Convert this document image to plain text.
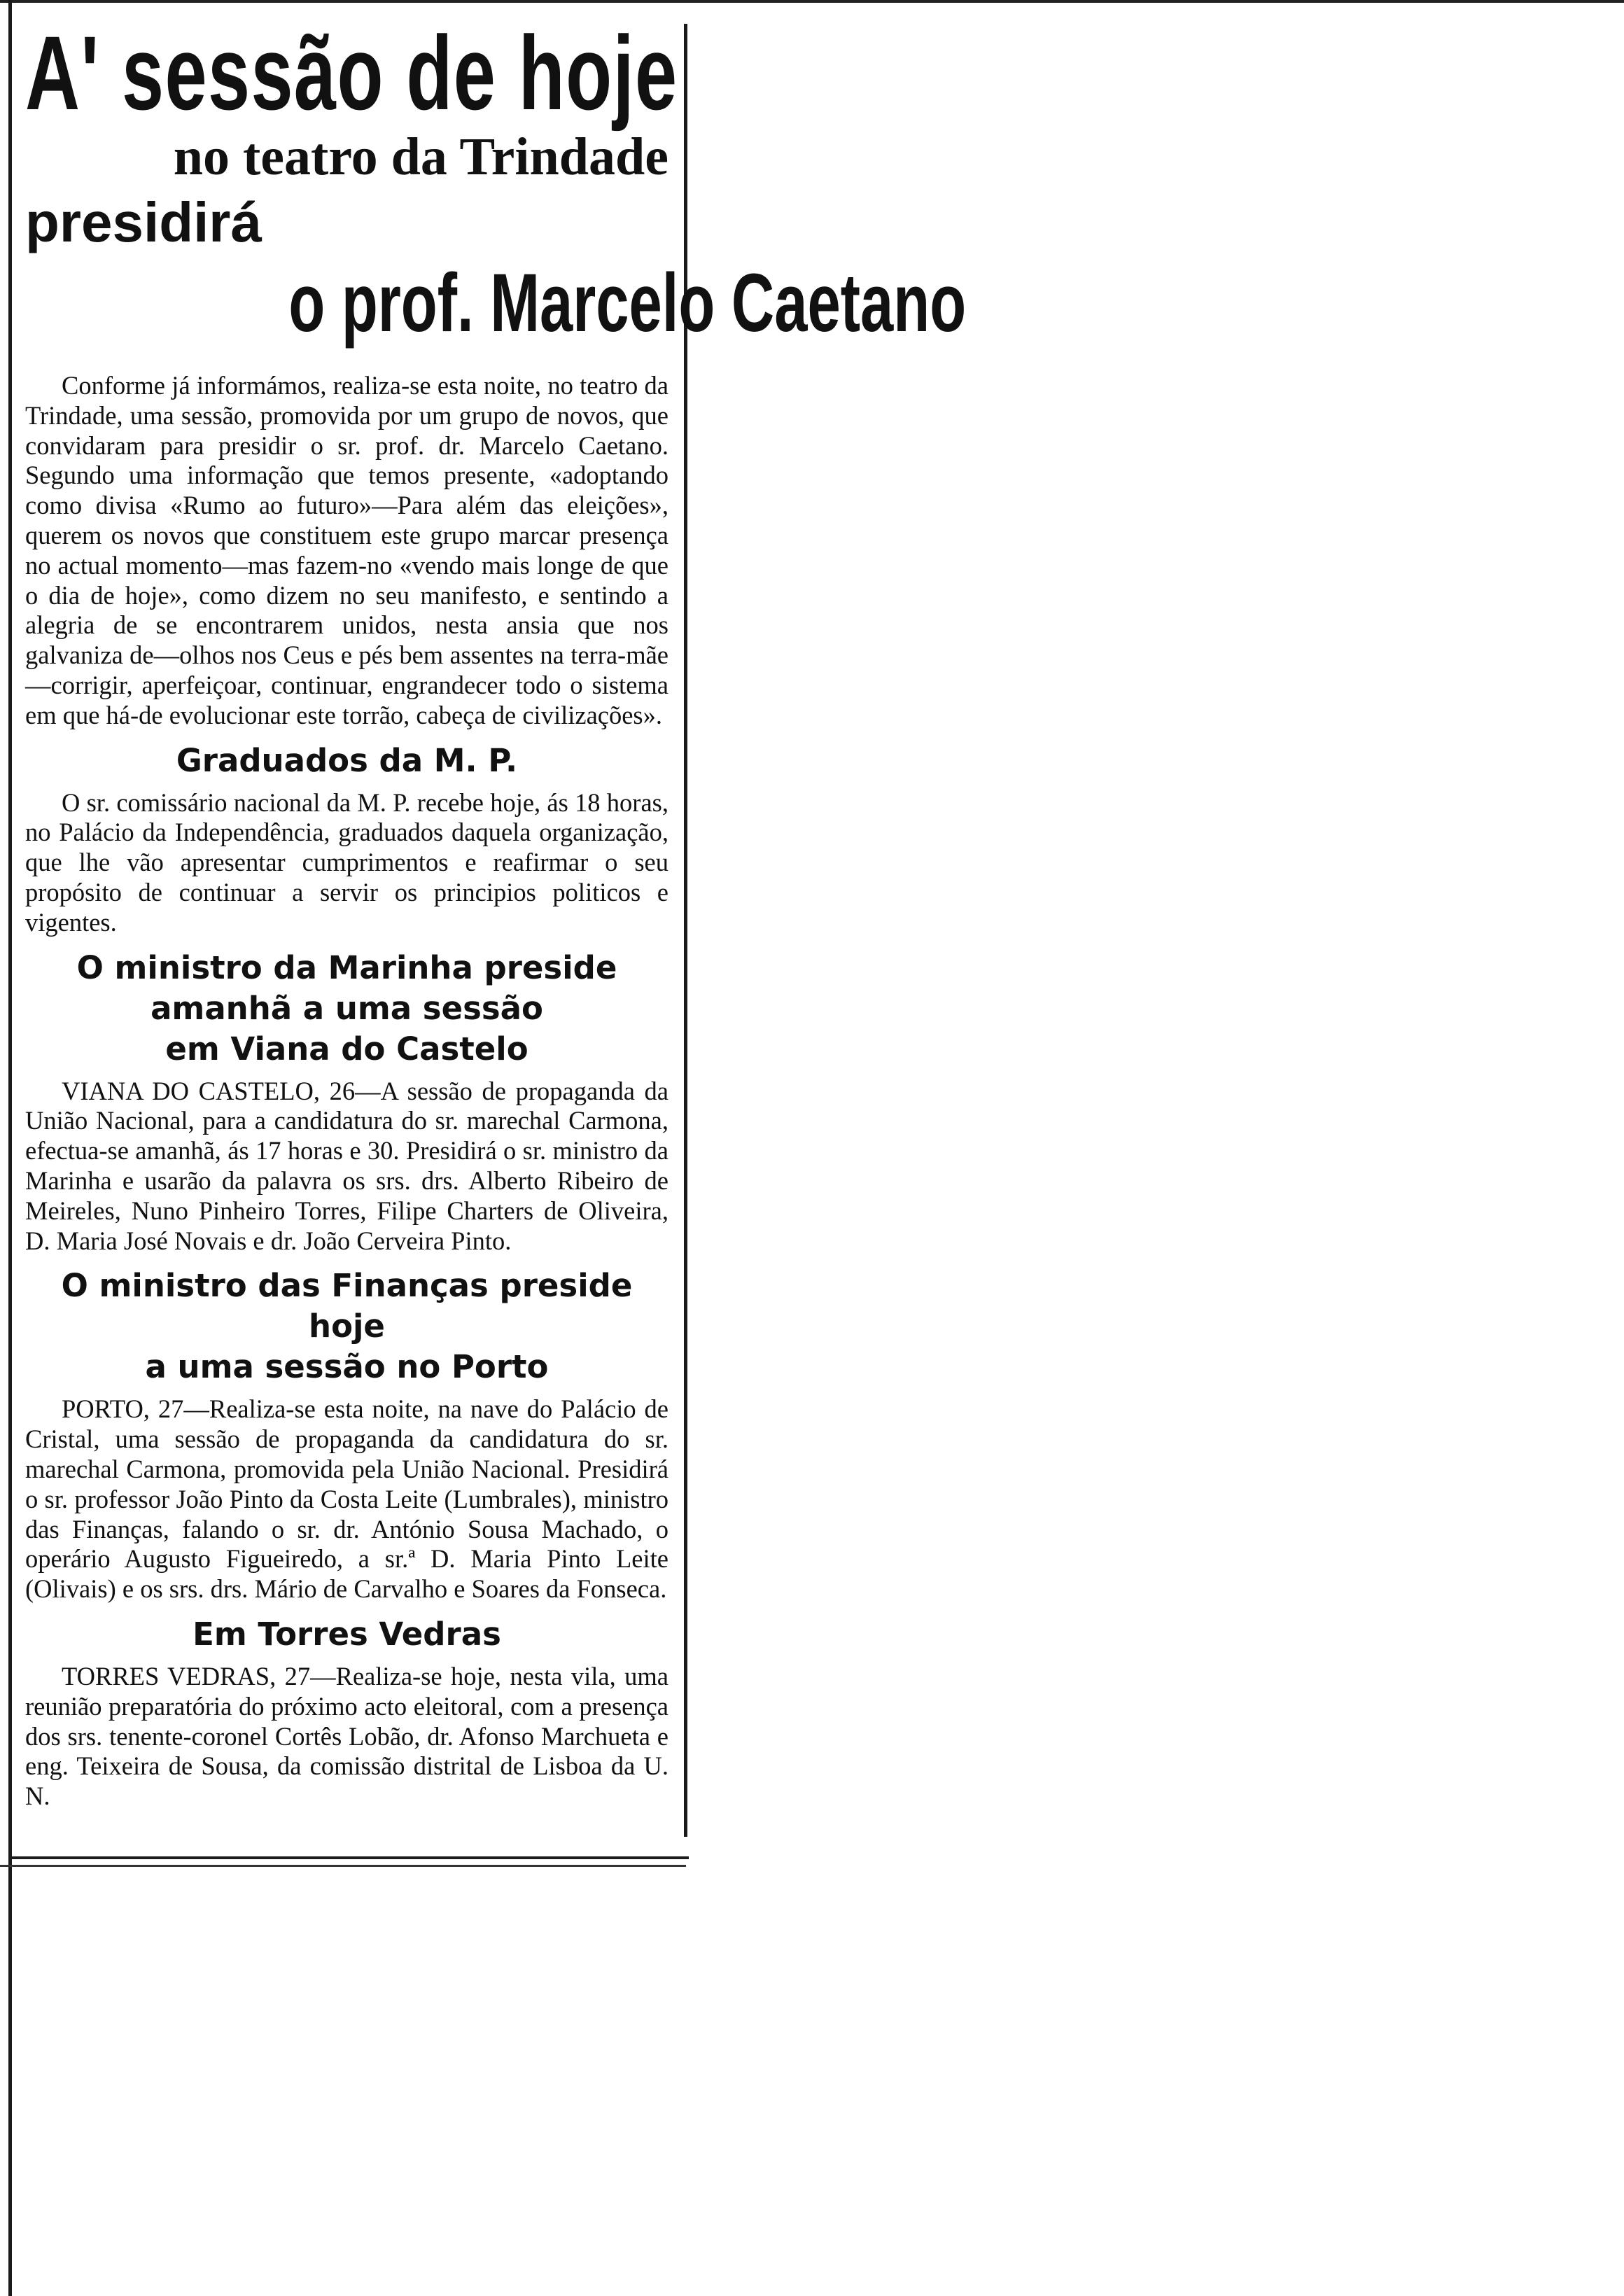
A' sessão de hoje
no teatro da Trindade
presidirá
o prof. Marcelo Caetano

Conforme já informámos, realiza-se esta noite, no teatro da Trindade, uma sessão, promovida por um grupo de novos, que convidaram para presidir o sr. prof. dr. Marcelo Caetano. Segundo uma informação que temos presente, «adoptando como divisa «Rumo ao futuro»—Para além das eleições», querem os novos que constituem este grupo marcar presença no actual momento—mas fazem-no «vendo mais longe de que o dia de hoje», como dizem no seu manifesto, e sentindo a alegria de se encontrarem unidos, nesta ansia que nos galvaniza de—olhos nos Ceus e pés bem assentes na terra-mãe—corrigir, aperfeiçoar, continuar, engrandecer todo o sistema em que há-de evolucionar este torrão, cabeça de civilizações».

Graduados da M. P.

O sr. comissário nacional da M. P. recebe hoje, ás 18 horas, no Palácio da Independência, graduados daquela organização, que lhe vão apresentar cumprimentos e reafirmar o seu propósito de continuar a servir os principios politicos e vigentes.

O ministro da Marinha preside
amanhã a uma sessão
em Viana do Castelo

VIANA DO CASTELO, 26—A sessão de propaganda da União Nacional, para a candidatura do sr. marechal Carmona, efectua-se amanhã, ás 17 horas e 30. Presidirá o sr. ministro da Marinha e usarão da palavra os srs. drs. Alberto Ribeiro de Meireles, Nuno Pinheiro Torres, Filipe Charters de Oliveira, D. Maria José Novais e dr. João Cerveira Pinto.

O ministro das Finanças preside hoje
a uma sessão no Porto

PORTO, 27—Realiza-se esta noite, na nave do Palácio de Cristal, uma sessão de propaganda da candidatura do sr. marechal Carmona, promovida pela União Nacional. Presidirá o sr. professor João Pinto da Costa Leite (Lumbrales), ministro das Finanças, falando o sr. dr. António Sousa Machado, o operário Augusto Figueiredo, a sr.ª D. Maria Pinto Leite (Olivais) e os srs. drs. Mário de Carvalho e Soares da Fonseca.

Em Torres Vedras

TORRES VEDRAS, 27—Realiza-se hoje, nesta vila, uma reunião preparatória do próximo acto eleitoral, com a presença dos srs. tenente-coronel Cortês Lobão, dr. Afonso Marchueta e eng. Teixeira de Sousa, da comissão distrital de Lisboa da U. N.
